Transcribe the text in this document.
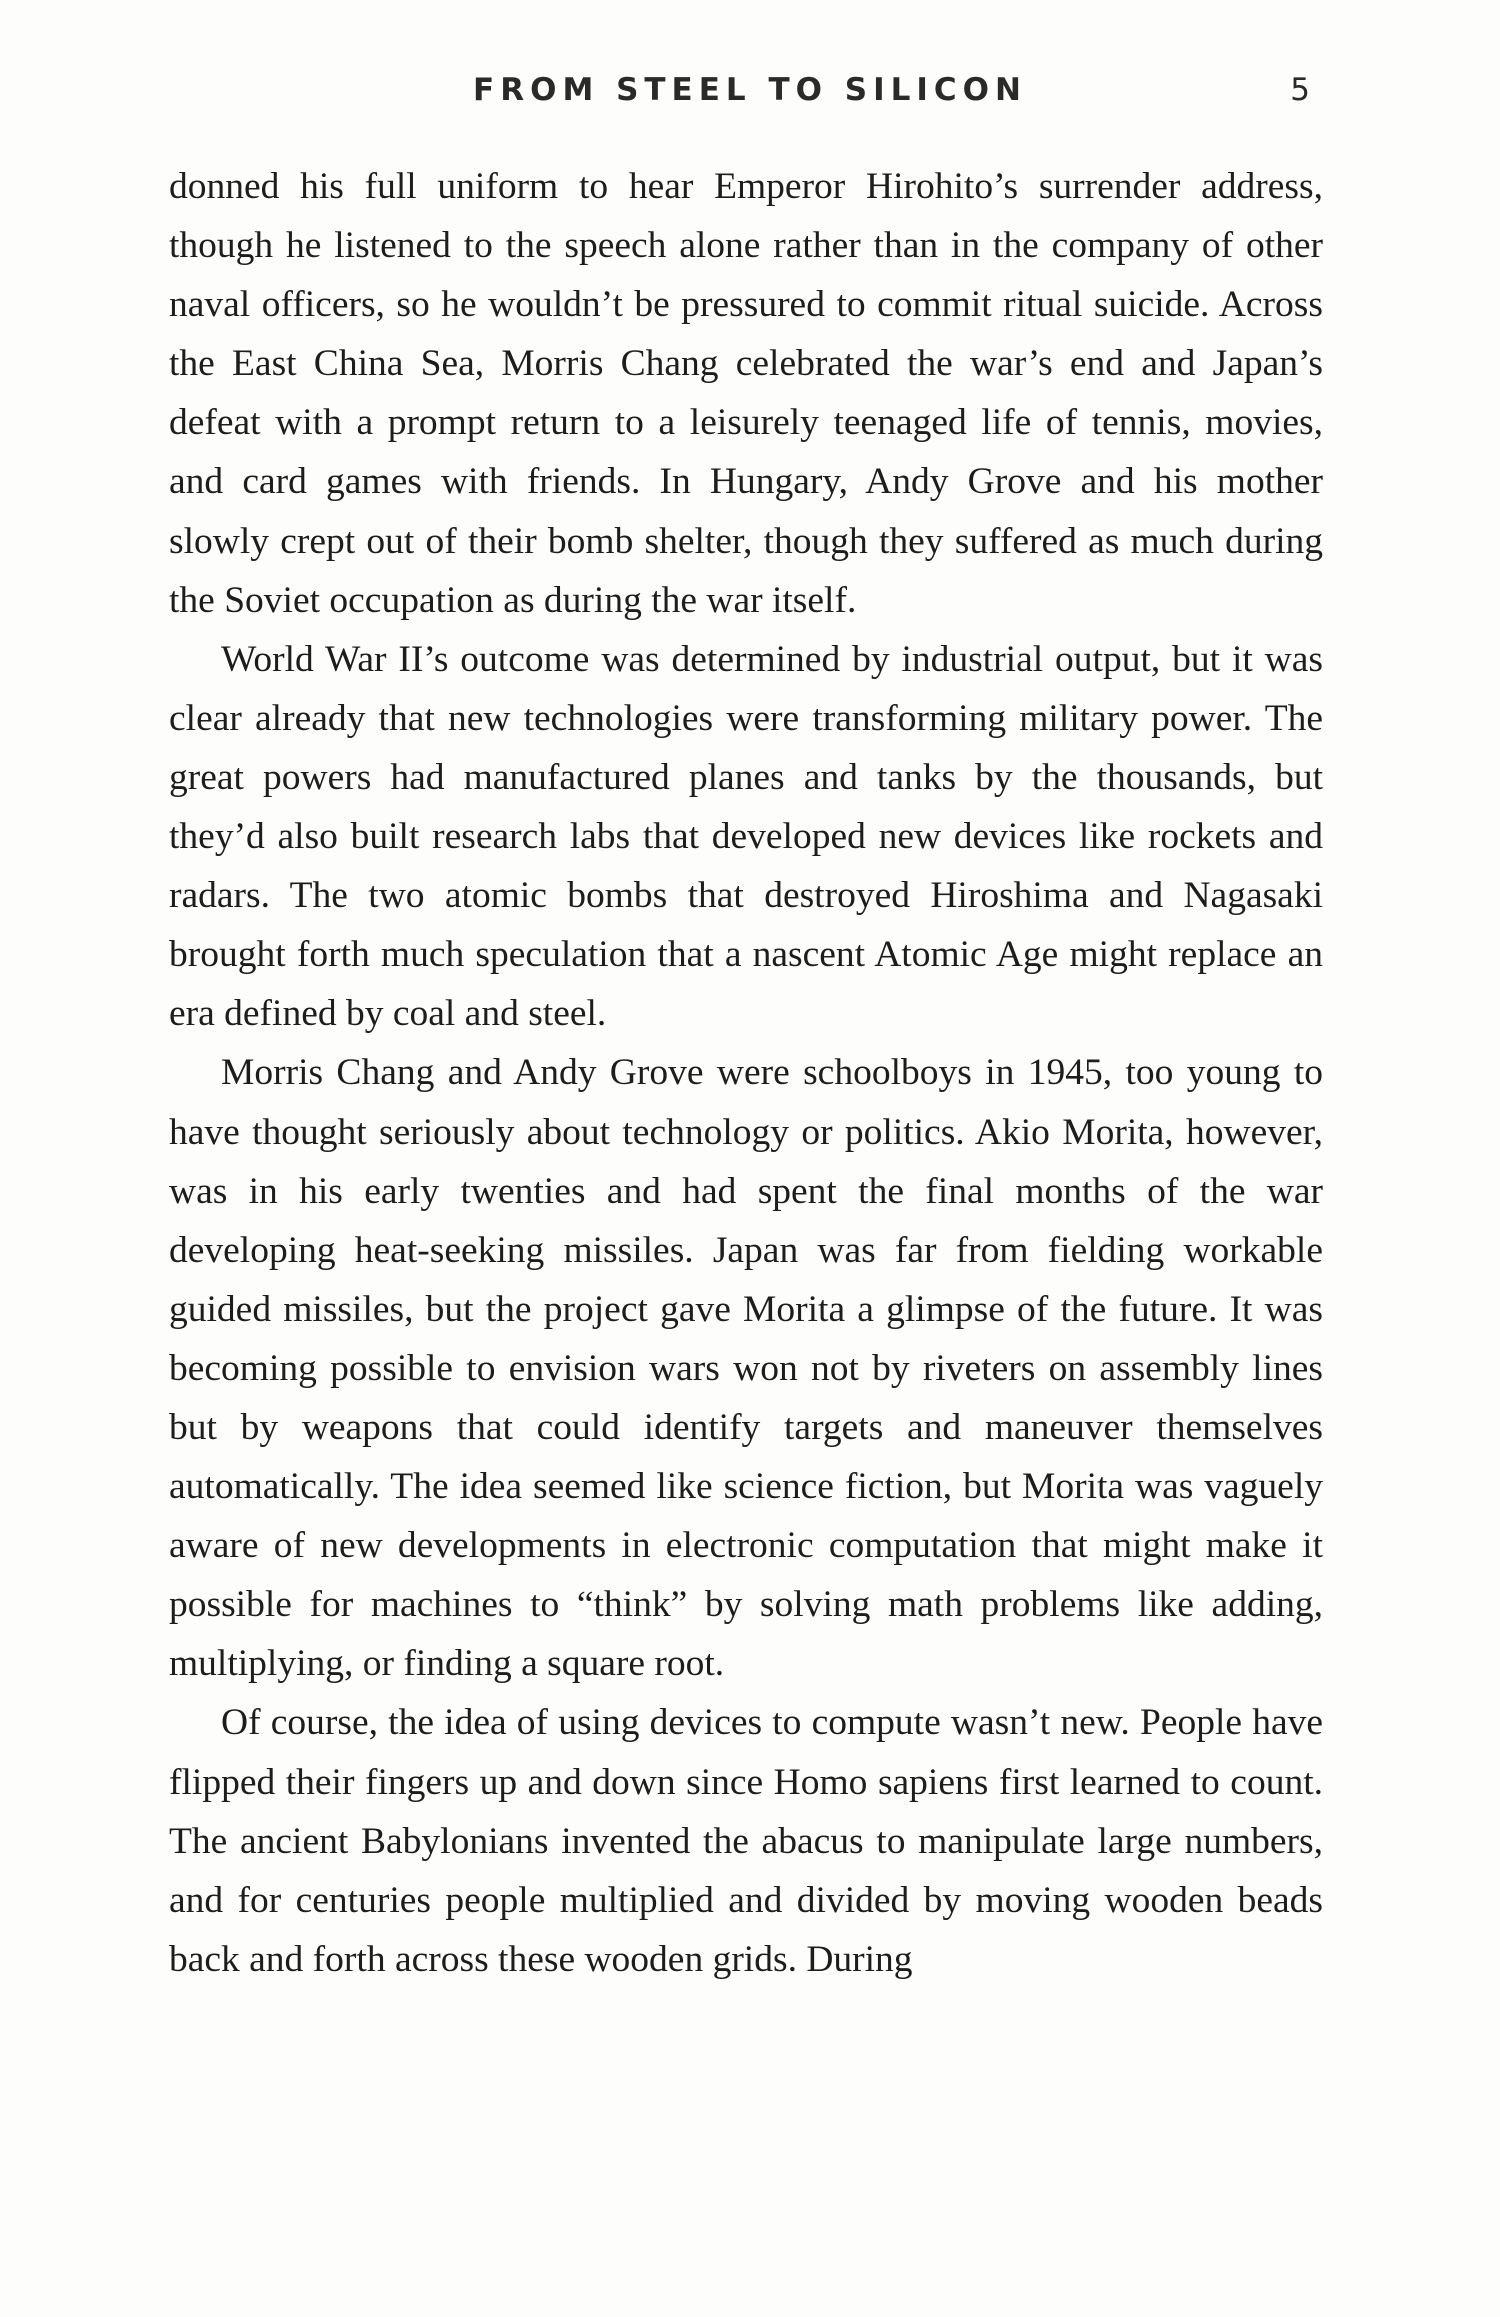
FROM STEEL TO SILICON	5

donned his full uniform to hear Emperor Hirohito’s surrender address, though he listened to the speech alone rather than in the company of other naval officers, so he wouldn’t be pressured to commit ritual suicide. Across the East China Sea, Morris Chang celebrated the war’s end and Japan’s defeat with a prompt return to a leisurely teenaged life of tennis, movies, and card games with friends. In Hungary, Andy Grove and his mother slowly crept out of their bomb shelter, though they suffered as much during the Soviet occupation as during the war itself.

World War II’s outcome was determined by industrial output, but it was clear already that new technologies were transforming military power. The great powers had manufactured planes and tanks by the thousands, but they’d also built research labs that developed new devices like rockets and radars. The two atomic bombs that destroyed Hiroshima and Nagasaki brought forth much speculation that a nascent Atomic Age might replace an era defined by coal and steel.

Morris Chang and Andy Grove were schoolboys in 1945, too young to have thought seriously about technology or politics. Akio Morita, however, was in his early twenties and had spent the final months of the war developing heat-seeking missiles. Japan was far from fielding workable guided missiles, but the project gave Morita a glimpse of the future. It was becoming possible to envision wars won not by riveters on assembly lines but by weapons that could identify targets and maneuver themselves automatically. The idea seemed like science fiction, but Morita was vaguely aware of new developments in electronic computation that might make it possible for machines to “think” by solving math problems like adding, multiplying, or finding a square root.

Of course, the idea of using devices to compute wasn’t new. People have flipped their fingers up and down since Homo sapiens first learned to count. The ancient Babylonians invented the abacus to manipulate large numbers, and for centuries people multiplied and divided by moving wooden beads back and forth across these wooden grids. During
